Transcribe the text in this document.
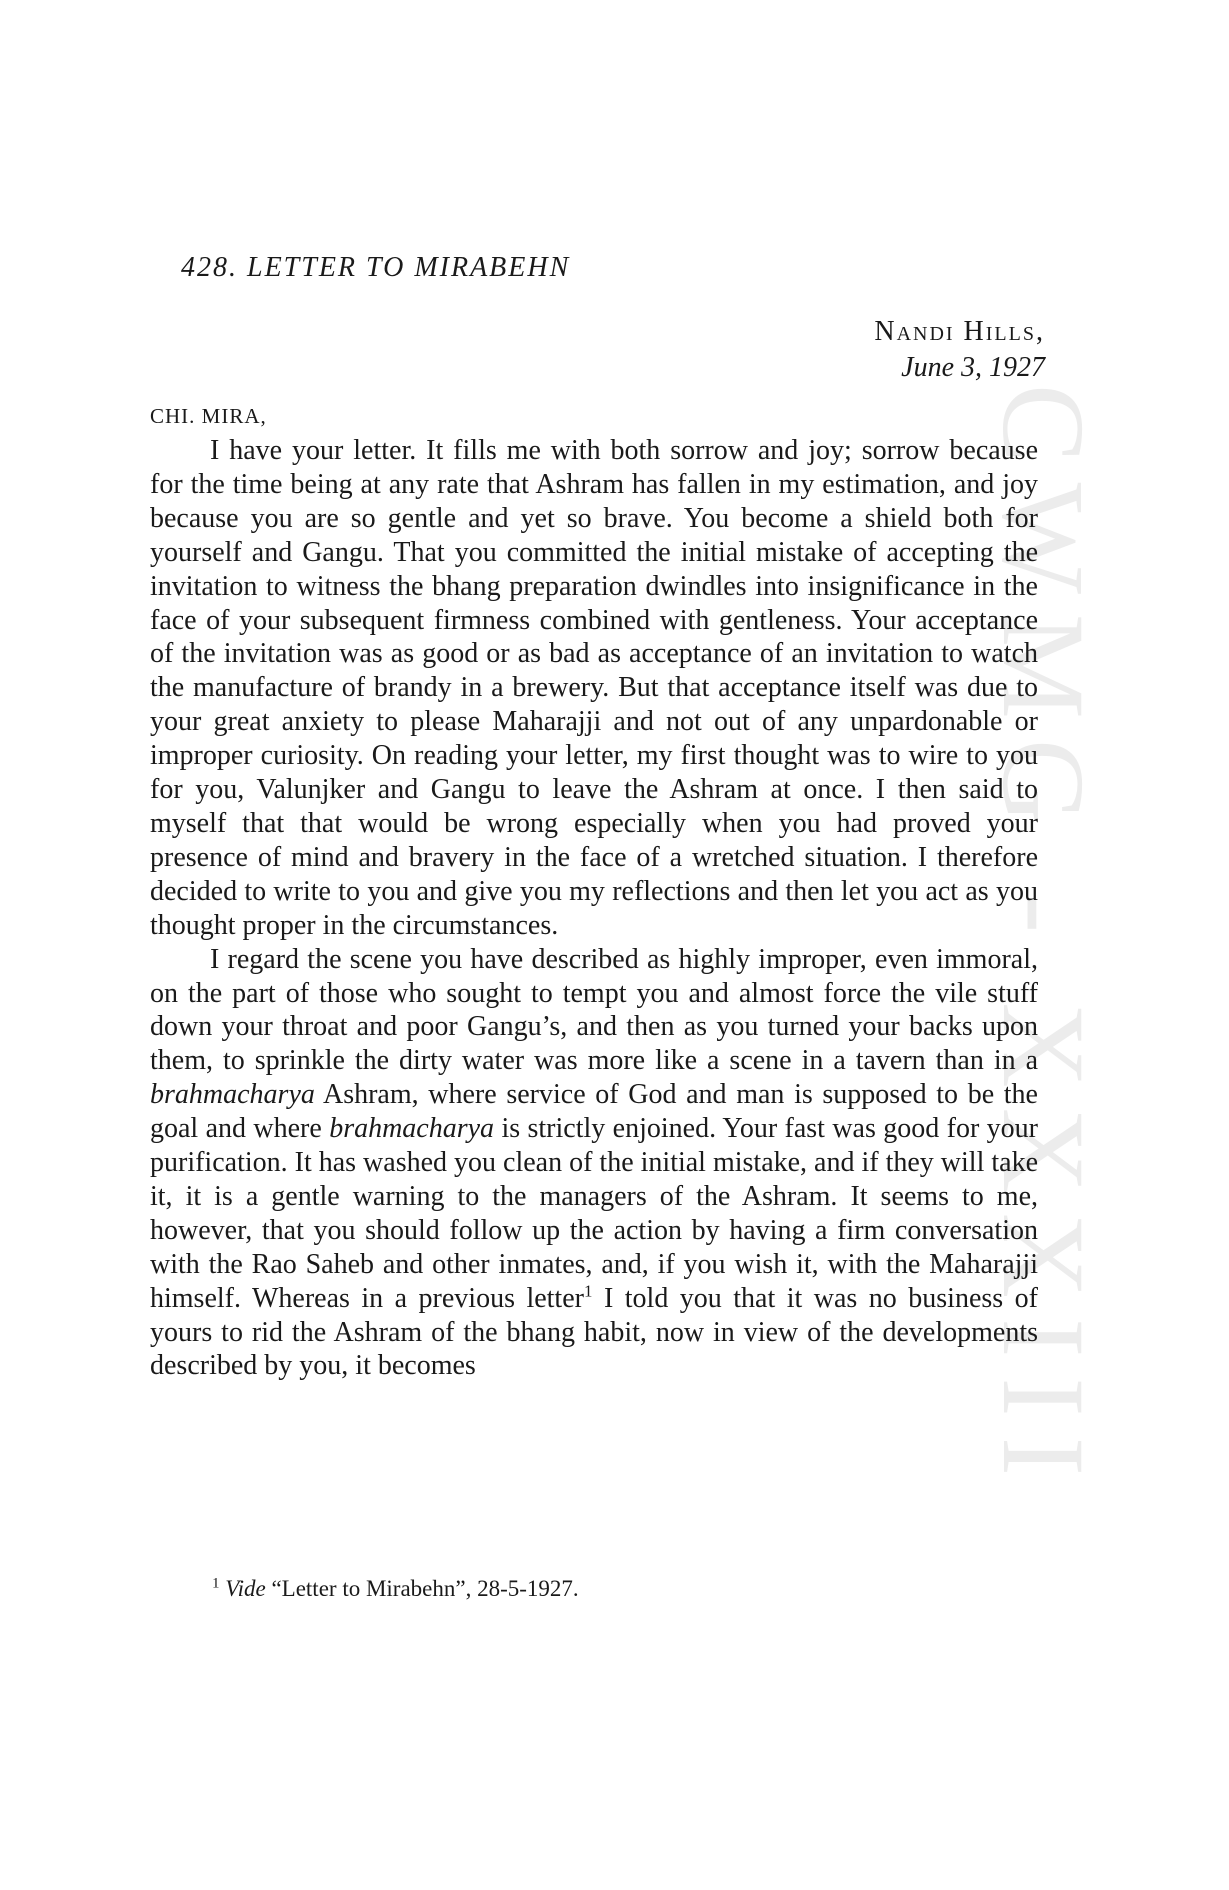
CWMG - XXXIII
428. LETTER TO MIRABEHN
Nandi Hills,
June 3, 1927
CHI. MIRA,

I have your letter. It fills me with both sorrow and joy; sorrow because for the time being at any rate that Ashram has fallen in my estimation, and joy because you are so gentle and yet so brave. You become a shield both for yourself and Gangu. That you committed the initial mistake of accepting the invitation to witness the bhang preparation dwindles into insignificance in the face of your subsequent firmness combined with gentleness. Your acceptance of the invitation was as good or as bad as acceptance of an invitation to watch the manufacture of brandy in a brewery. But that acceptance itself was due to your great anxiety to please Maharajji and not out of any unpardonable or improper curiosity. On reading your letter, my first thought was to wire to you for you, Valunjker and Gangu to leave the Ashram at once. I then said to myself that that would be wrong especially when you had proved your presence of mind and bravery in the face of a wretched situation. I therefore decided to write to you and give you my reflections and then let you act as you thought proper in the circumstances.

I regard the scene you have described as highly improper, even immoral, on the part of those who sought to tempt you and almost force the vile stuff down your throat and poor Gangu’s, and then as you turned your backs upon them, to sprinkle the dirty water was more like a scene in a tavern than in a brahmacharya Ashram, where service of God and man is supposed to be the goal and where brahmacharya is strictly enjoined. Your fast was good for your purification. It has washed you clean of the initial mistake, and if they will take it, it is a gentle warning to the managers of the Ashram. It seems to me, however, that you should follow up the action by having a firm conversation with the Rao Saheb and other inmates, and, if you wish it, with the Maharajji himself. Whereas in a previous letter$^1$ I told you that it was no business of yours to rid the Ashram of the bhang habit, now in view of the developments described by you, it becomes

$^1$ Vide “Letter to Mirabehn”, 28-5-1927.
